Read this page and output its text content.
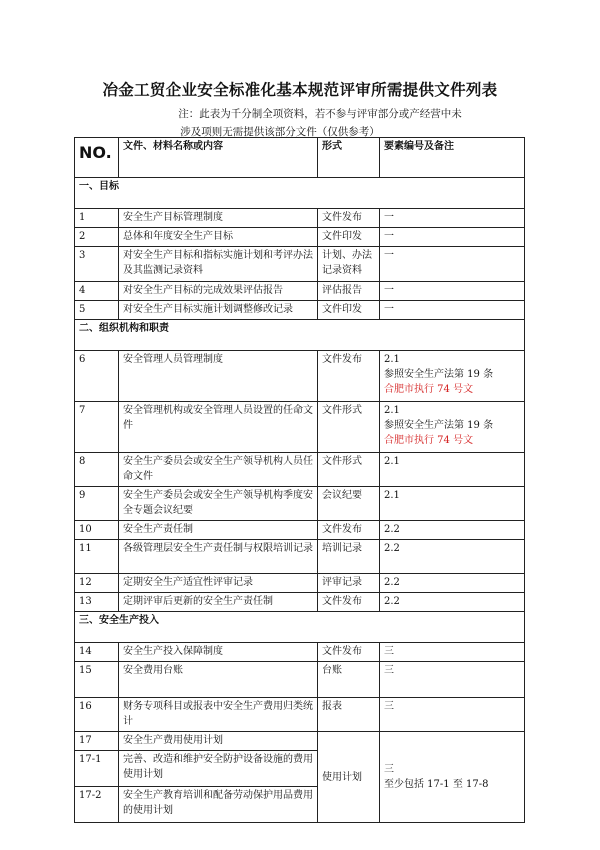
冶金工贸企业安全标准化基本规范评审所需提供文件列表
注：此表为千分制全项资料，若不参与评审部分或产经营中未
涉及项则无需提供该部分文件（仅供参考）
NO.	文件、材料名称或内容	形式	要素编号及备注
一、目标			
1	安全生产目标管理制度	文件发布	一

2	总体和年度安全生产目标	文件印发	一

3	对安全生产目标和指标实施计划和考评办法及其监测记录资料	计划、办法记录资料	一

4	对安全生产目标的完成效果评估报告	评估报告	一

5	对安全生产目标实施计划调整修改记录	文件印发	一

二、组织机构和职责			
6	安全管理人员管理制度	文件发布	2.1
参照安全生产法第 19 条
合肥市执行 74 号文

7	安全管理机构或安全管理人员设置的任命文件	文件形式	2.1
参照安全生产法第 19 条
合肥市执行 74 号文

8	安全生产委员会或安全生产领导机构人员任命文件	文件形式	2.1

9	安全生产委员会或安全生产领导机构季度安全专题会议纪要	会议纪要	2.1

10	安全生产责任制	文件发布	2.2

11	各级管理层安全生产责任制与权限培训记录	培训记录	2.2

12	定期安全生产适宜性评审记录	评审记录	2.2

13	定期评审后更新的安全生产责任制	文件发布	2.2

三、安全生产投入			
14	安全生产投入保障制度	文件发布	三

15	安全费用台账	台账	三

16	财务专项科目或报表中安全生产费用归类统计	报表	三

17	安全生产费用使用计划	使用计划	三
至少包括 17-1 至 17-8

17-1	完善、改造和维护安全防护设备设施的费用使用计划		
17-2	安全生产教育培训和配备劳动保护用品费用的使用计划		
